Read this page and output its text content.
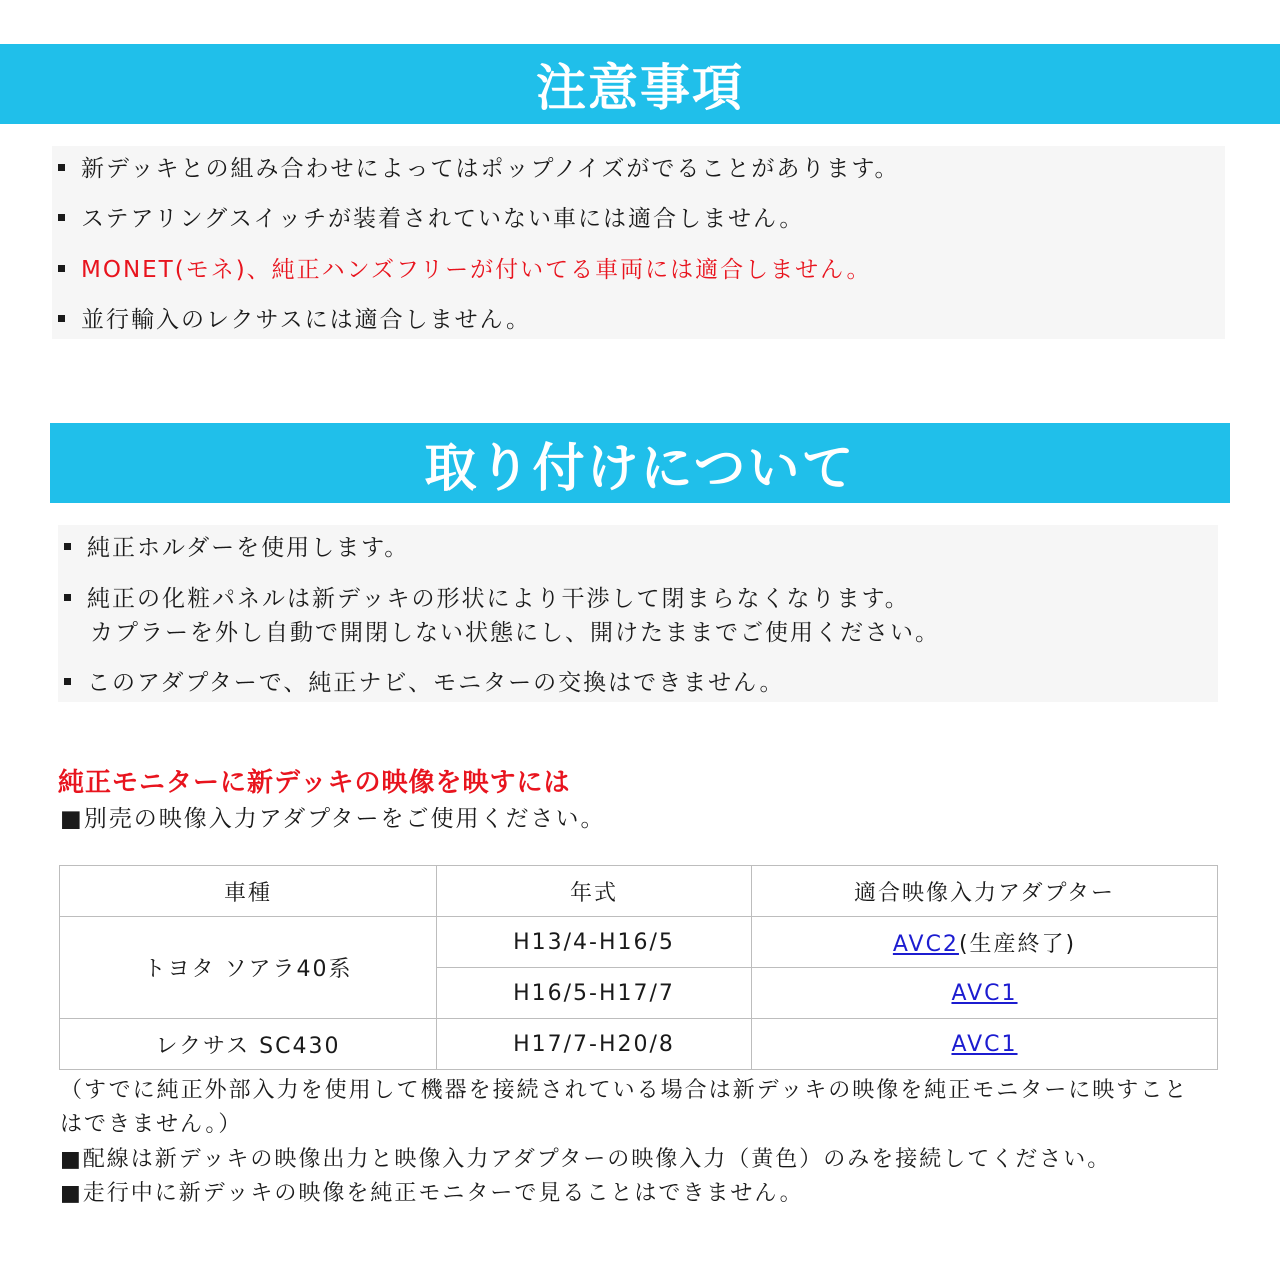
注意事項
新デッキとの組み合わせによってはポップノイズがでることがあります。
ステアリングスイッチが装着されていない車には適合しません。
MONET(モネ)、純正ハンズフリーが付いてる車両には適合しません。
並行輸入のレクサスには適合しません。
取り付けについて
純正ホルダーを使用します。
純正の化粧パネルは新デッキの形状により干渉して閉まらなくなります。
カプラーを外し自動で開閉しない状態にし、開けたままでご使用ください。
このアダプターで、純正ナビ、モニターの交換はできません。
純正モニターに新デッキの映像を映すには
■別売の映像入力アダプターをご使用ください。
車種	年式	適合映像入力アダプター
トヨタ ソアラ40系	H13/4-H16/5	AVC2(生産終了)
	H16/5-H17/7	AVC1
レクサス SC430	H17/7-H20/8	AVC1
（すでに純正外部入力を使用して機器を接続されている場合は新デッキの映像を純正モニターに映すこと
はできません。）
■配線は新デッキの映像出力と映像入力アダプターの映像入力（黄色）のみを接続してください。
■走行中に新デッキの映像を純正モニターで見ることはできません。
